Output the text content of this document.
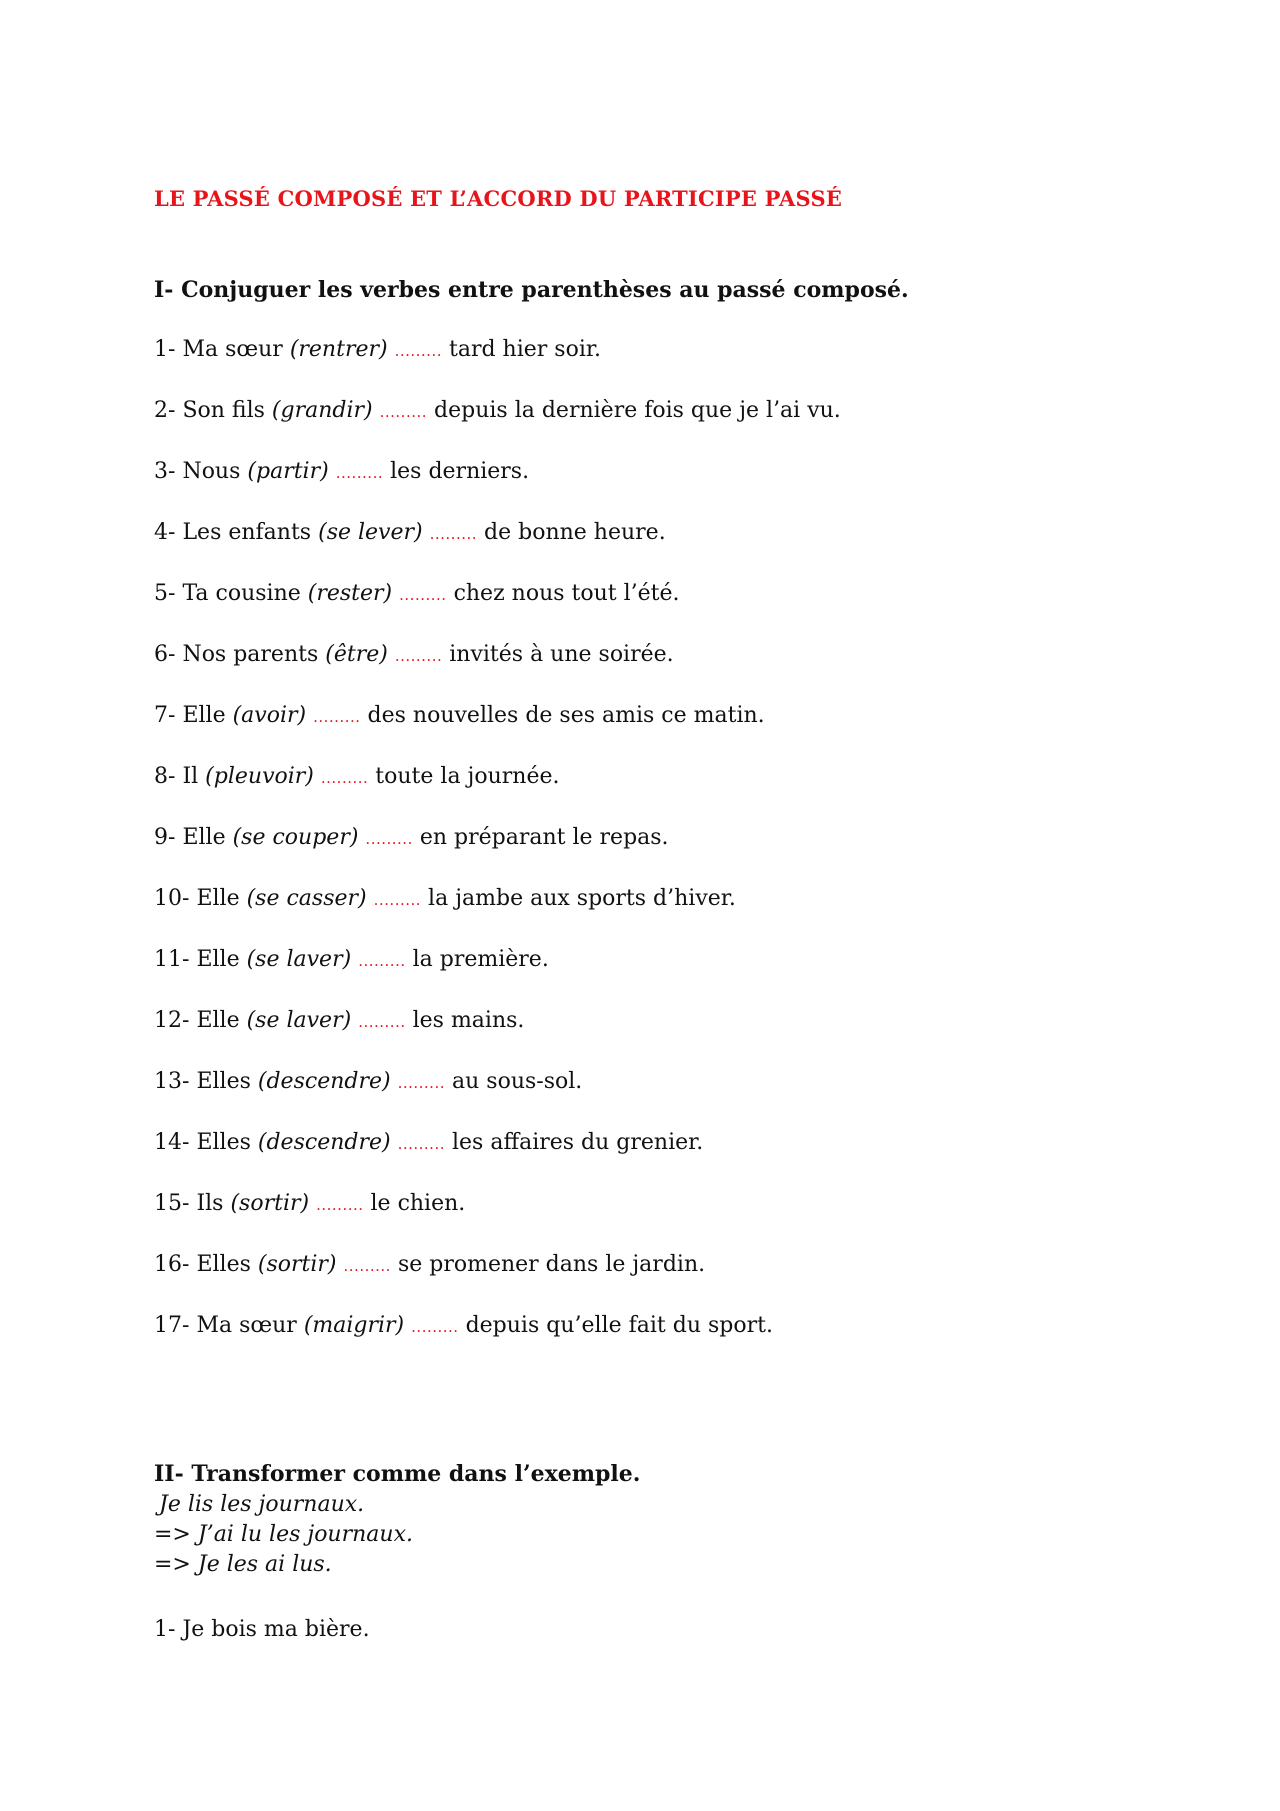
LE PASSÉ COMPOSÉ ET L’ACCORD DU PARTICIPE PASSÉ
I- Conjuguer les verbes entre parenthèses au passé composé.
1- Ma sœur (rentrer) ......... tard hier soir.
2- Son fils (grandir) ......... depuis la dernière fois que je l’ai vu.
3- Nous (partir) ......... les derniers.
4- Les enfants (se lever) ......... de bonne heure.
5- Ta cousine (rester) ......... chez nous tout l’été.
6- Nos parents (être) ......... invités à une soirée.
7- Elle (avoir) ......... des nouvelles de ses amis ce matin.
8- Il (pleuvoir) ......... toute la journée.
9- Elle (se couper) ......... en préparant le repas.
10- Elle (se casser) ......... la jambe aux sports d’hiver.
11- Elle (se laver) ......... la première.
12- Elle (se laver) ......... les mains.
13- Elles (descendre) ......... au sous-sol.
14- Elles (descendre) ......... les affaires du grenier.
15- Ils (sortir) ......... le chien.
16- Elles (sortir) ......... se promener dans le jardin.
17- Ma sœur (maigrir) ......... depuis qu’elle fait du sport.
II- Transformer comme dans l’exemple.
Je lis les journaux.
=> J’ai lu les journaux.
=> Je les ai lus.
1- Je bois ma bière.
